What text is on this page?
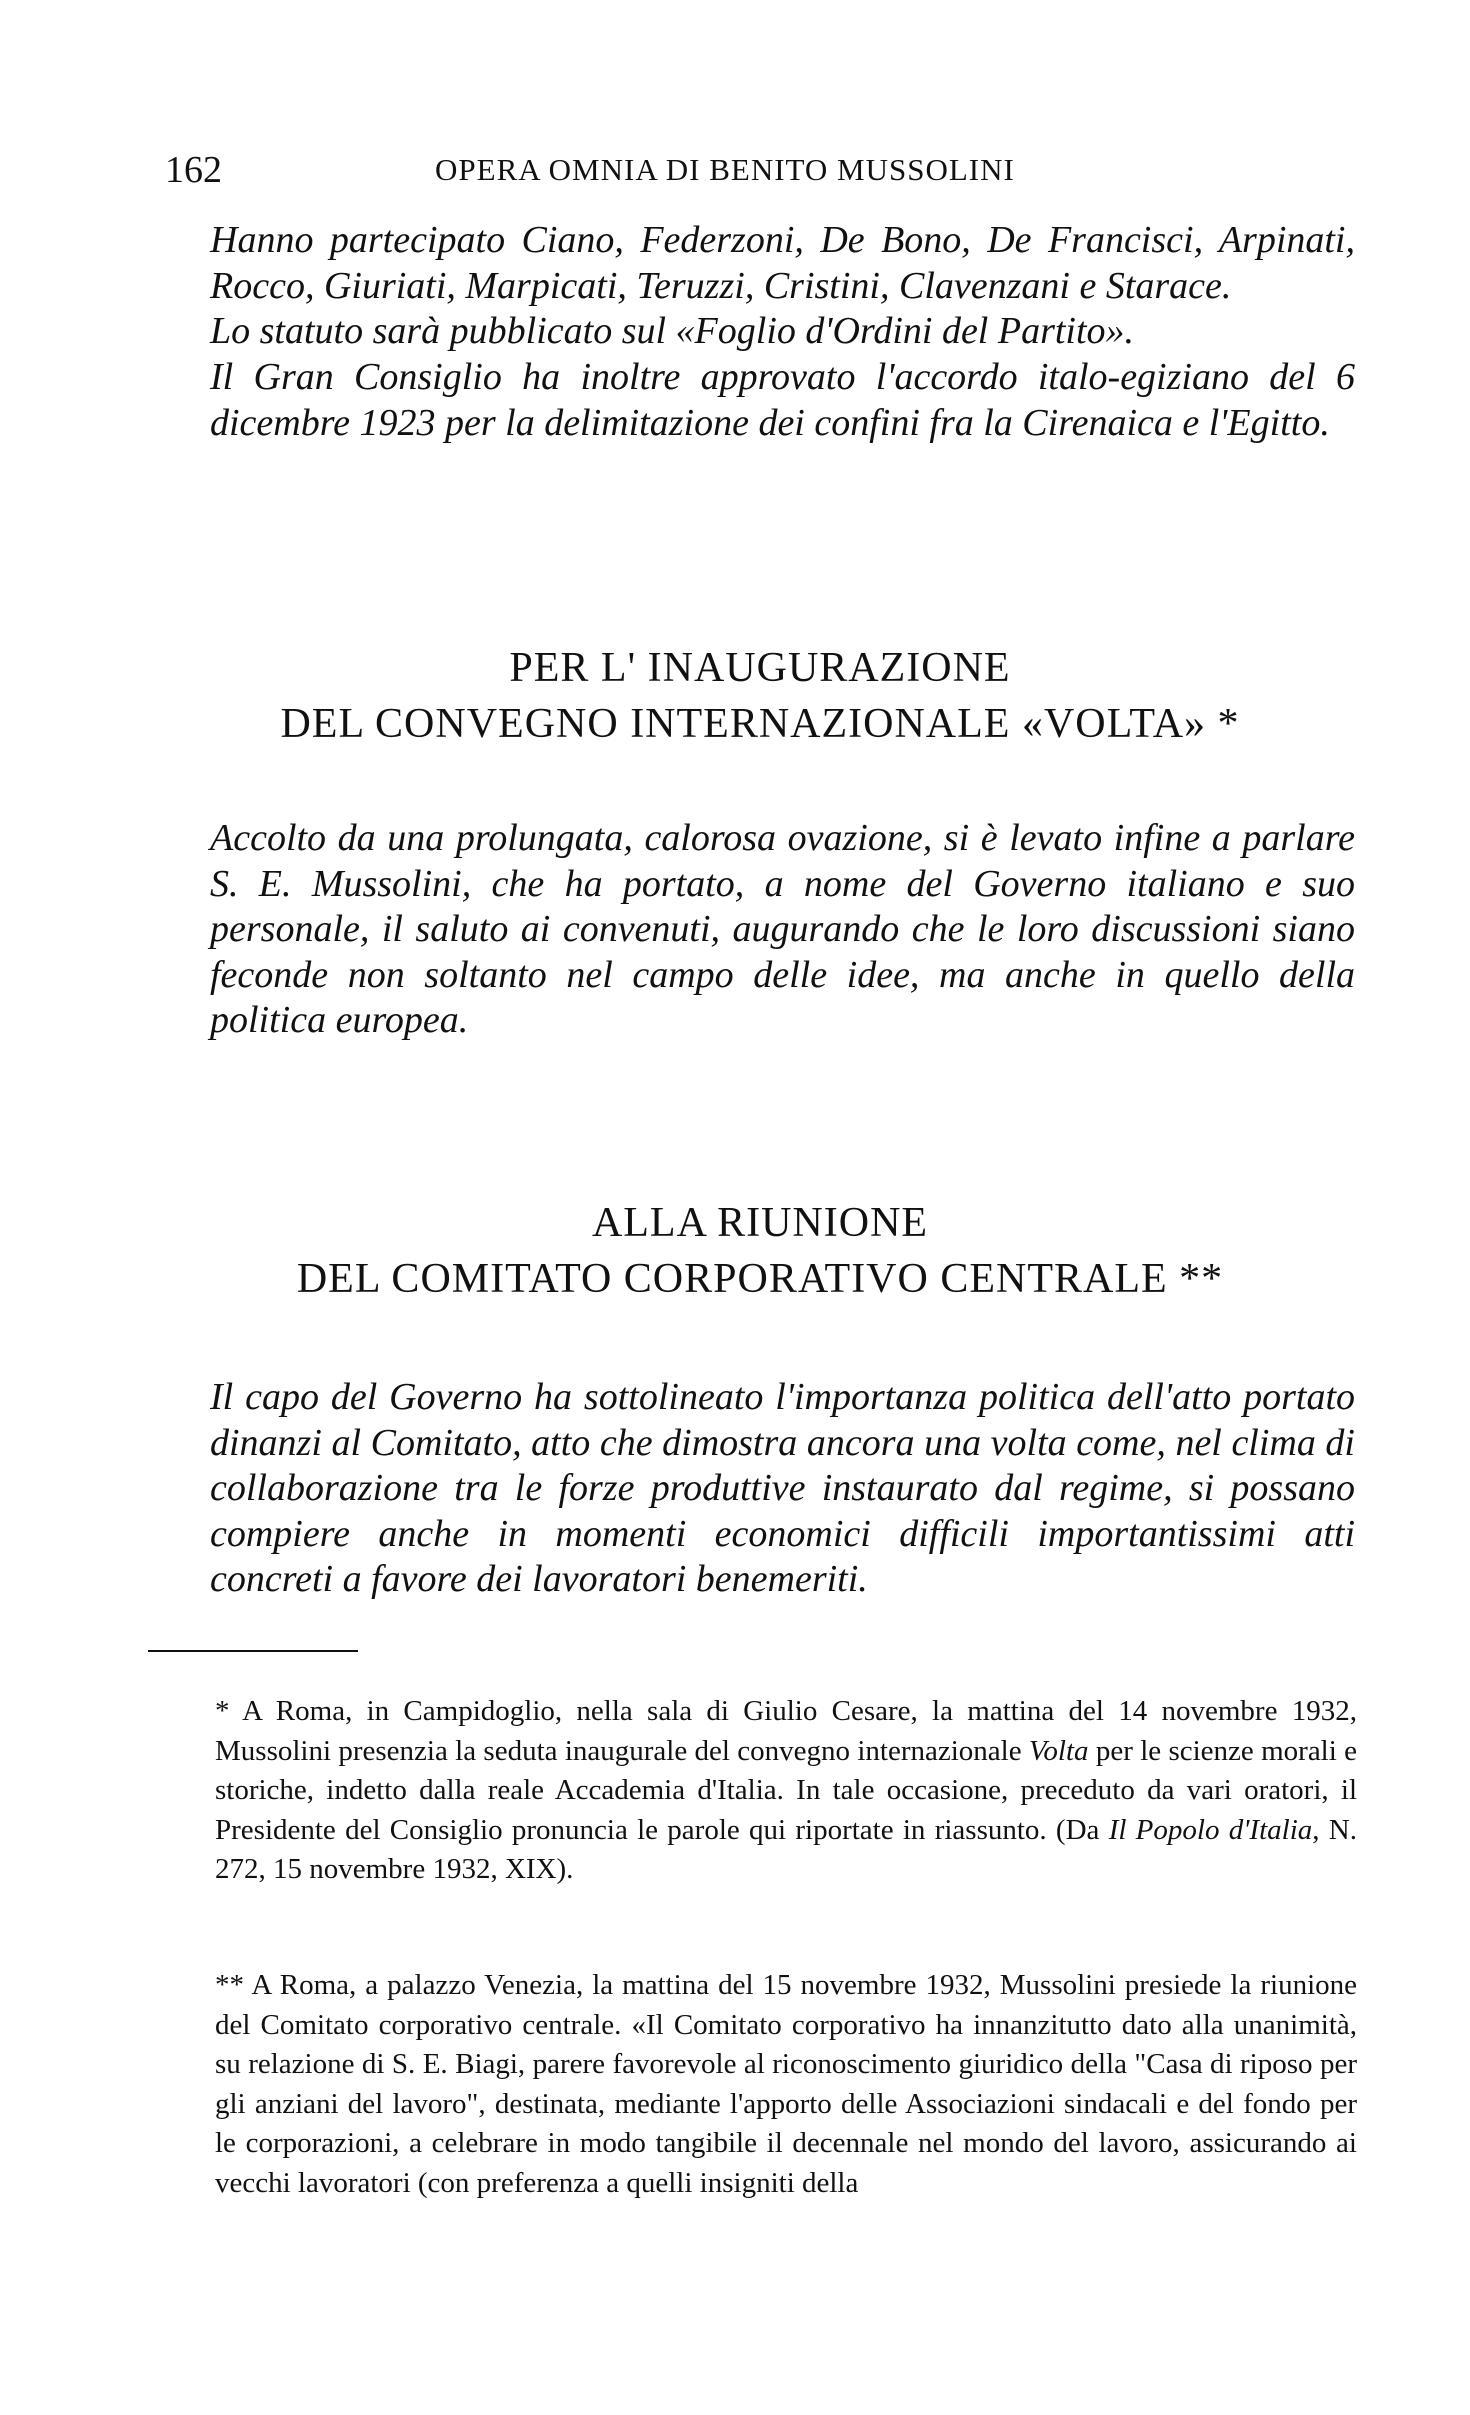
162	OPERA OMNIA DI BENITO MUSSOLINI

Hanno partecipato Ciano, Federzoni, De Bono, De Francisci, Arpinati, Rocco, Giuriati, Marpicati, Teruzzi, Cristini, Clavenzani e Starace.

Lo statuto sarà pubblicato sul «Foglio d'Ordini del Partito».

Il Gran Consiglio ha inoltre approvato l'accordo italo-egiziano del 6 dicembre 1923 per la delimitazione dei confini fra la Cirenaica e l'Egitto.

PER L' INAUGURAZIONE
DEL CONVEGNO INTERNAZIONALE «VOLTA» *

Accolto da una prolungata, calorosa ovazione, si è levato infine a parlare S. E. Mussolini, che ha portato, a nome del Governo italiano e suo personale, il saluto ai convenuti, augurando che le loro discussioni siano feconde non soltanto nel campo delle idee, ma anche in quello della politica europea.

ALLA RIUNIONE
DEL COMITATO CORPORATIVO CENTRALE **

Il capo del Governo ha sottolineato l'importanza politica dell'atto portato dinanzi al Comitato, atto che dimostra ancora una volta come, nel clima di collaborazione tra le forze produttive instaurato dal regime, si possano compiere anche in momenti economici difficili importantissimi atti concreti a favore dei lavoratori benemeriti.

* A Roma, in Campidoglio, nella sala di Giulio Cesare, la mattina del 14 novembre 1932, Mussolini presenzia la seduta inaugurale del convegno internazionale Volta per le scienze morali e storiche, indetto dalla reale Accademia d'Italia. In tale occasione, preceduto da vari oratori, il Presidente del Consiglio pronuncia le parole qui riportate in riassunto. (Da Il Popolo d'Italia, N. 272, 15 novembre 1932, XIX).

** A Roma, a palazzo Venezia, la mattina del 15 novembre 1932, Mussolini presiede la riunione del Comitato corporativo centrale. «Il Comitato corporativo ha innanzitutto dato alla unanimità, su relazione di S. E. Biagi, parere favorevole al riconoscimento giuridico della "Casa di riposo per gli anziani del lavoro", destinata, mediante l'apporto delle Associazioni sindacali e del fondo per le corporazioni, a celebrare in modo tangibile il decennale nel mondo del lavoro, assicurando ai vecchi lavoratori (con preferenza a quelli insigniti della
